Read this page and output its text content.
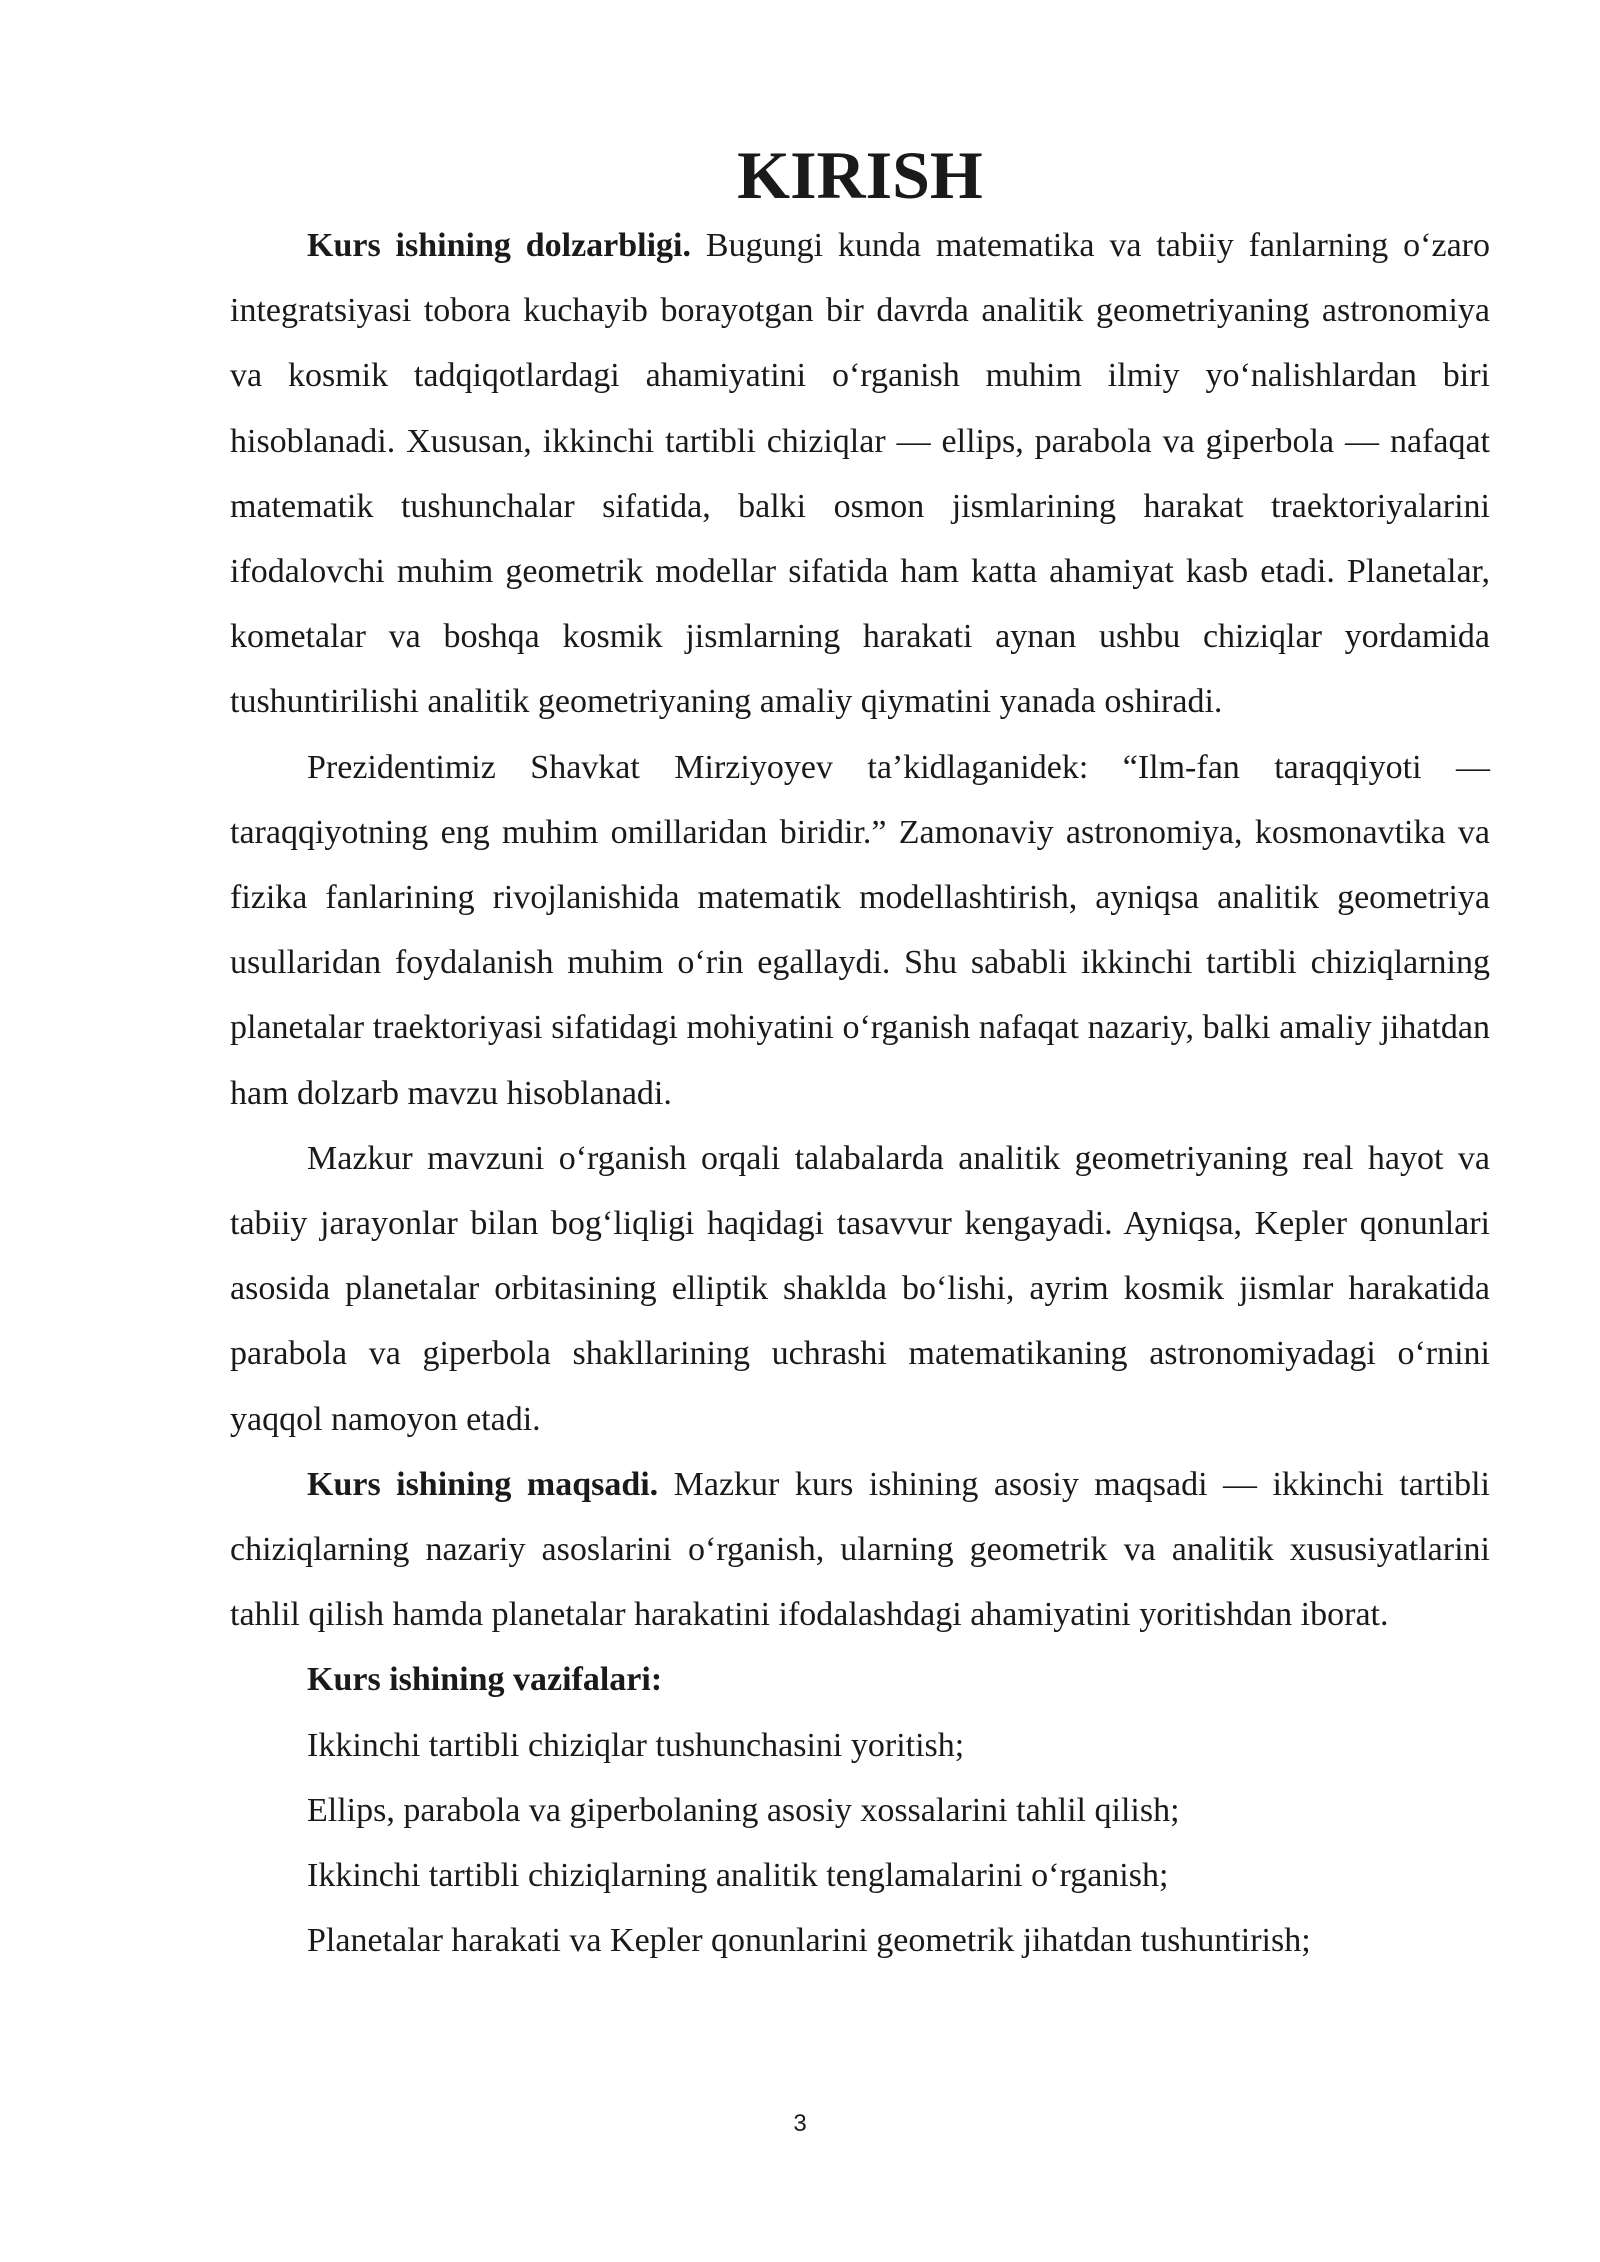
KIRISH

Kurs ishining dolzarbligi. Bugungi kunda matematika va tabiiy fanlarning o‘zaro integratsiyasi tobora kuchayib borayotgan bir davrda analitik geometriyaning astronomiya va kosmik tadqiqotlardagi ahamiyatini o‘rganish muhim ilmiy yo‘nalishlardan biri hisoblanadi. Xususan, ikkinchi tartibli chiziqlar — ellips, parabola va giperbola — nafaqat matematik tushunchalar sifatida, balki osmon jismlarining harakat traektoriyalarini ifodalovchi muhim geometrik modellar sifatida ham katta ahamiyat kasb etadi. Planetalar, kometalar va boshqa kosmik jismlarning harakati aynan ushbu chiziqlar yordamida tushuntirilishi analitik geometriyaning amaliy qiymatini yanada oshiradi.

Prezidentimiz Shavkat Mirziyoyev ta’kidlaganidek: “Ilm-fan taraqqiyoti — taraqqiyotning eng muhim omillaridan biridir.” Zamonaviy astronomiya, kosmonavtika va fizika fanlarining rivojlanishida matematik modellashtirish, ayniqsa analitik geometriya usullaridan foydalanish muhim o‘rin egallaydi. Shu sababli ikkinchi tartibli chiziqlarning planetalar traektoriyasi sifatidagi mohiyatini o‘rganish nafaqat nazariy, balki amaliy jihatdan ham dolzarb mavzu hisoblanadi.

Mazkur mavzuni o‘rganish orqali talabalarda analitik geometriyaning real hayot va tabiiy jarayonlar bilan bog‘liqligi haqidagi tasavvur kengayadi. Ayniqsa, Kepler qonunlari asosida planetalar orbitasining elliptik shaklda bo‘lishi, ayrim kosmik jismlar harakatida parabola va giperbola shakllarining uchrashi matematikaning astronomiyadagi o‘rnini yaqqol namoyon etadi.

Kurs ishining maqsadi. Mazkur kurs ishining asosiy maqsadi — ikkinchi tartibli chiziqlarning nazariy asoslarini o‘rganish, ularning geometrik va analitik xususiyatlarini tahlil qilish hamda planetalar harakatini ifodalashdagi ahamiyatini yoritishdan iborat.

Kurs ishining vazifalari:

Ikkinchi tartibli chiziqlar tushunchasini yoritish;

Ellips, parabola va giperbolaning asosiy xossalarini tahlil qilish;

Ikkinchi tartibli chiziqlarning analitik tenglamalarini o‘rganish;

Planetalar harakati va Kepler qonunlarini geometrik jihatdan tushuntirish;

3
